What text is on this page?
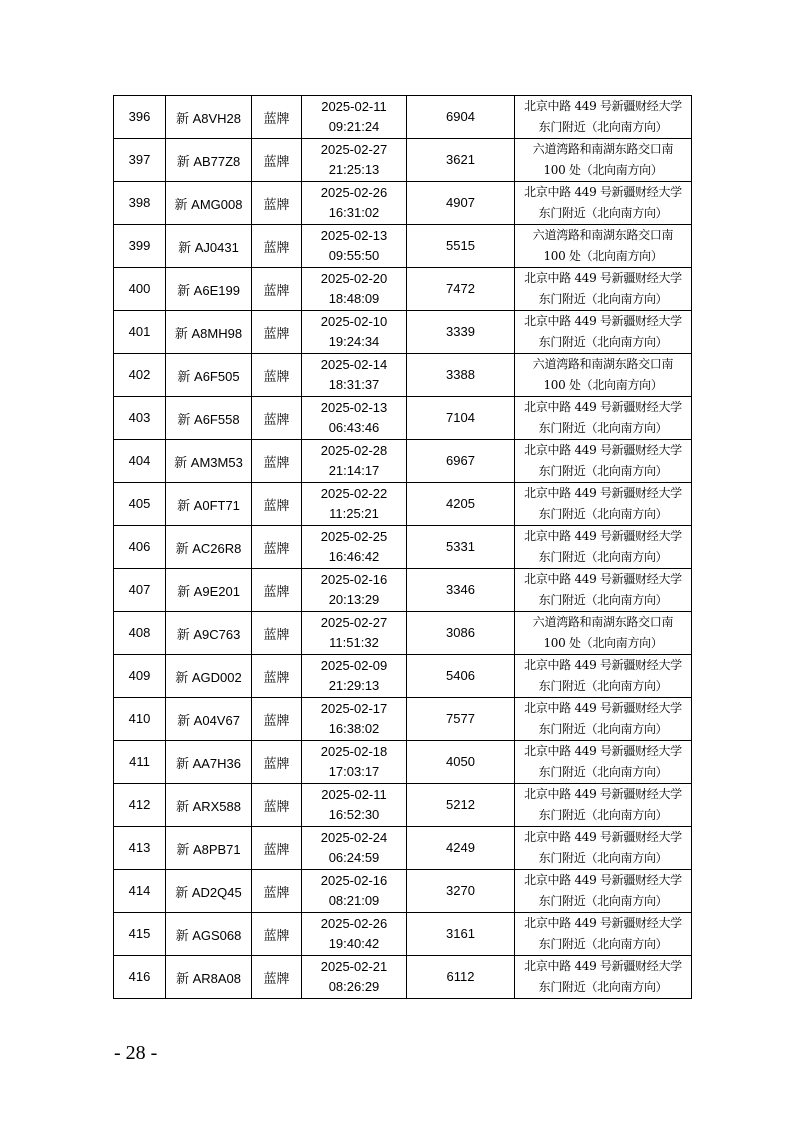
396	新 A8VH28	蓝牌	2025-02-11
09:21:24	6904	北京中路 449 号新疆财经大学
东门附近（北向南方向）

397	新 AB77Z8	蓝牌	2025-02-27
21:25:13	3621	六道湾路和南湖东路交口南
100 处（北向南方向）

398	新 AMG008	蓝牌	2025-02-26
16:31:02	4907	北京中路 449 号新疆财经大学
东门附近（北向南方向）

399	新 AJ0431	蓝牌	2025-02-13
09:55:50	5515	六道湾路和南湖东路交口南
100 处（北向南方向）

400	新 A6E199	蓝牌	2025-02-20
18:48:09	7472	北京中路 449 号新疆财经大学
东门附近（北向南方向）

401	新 A8MH98	蓝牌	2025-02-10
19:24:34	3339	北京中路 449 号新疆财经大学
东门附近（北向南方向）

402	新 A6F505	蓝牌	2025-02-14
18:31:37	3388	六道湾路和南湖东路交口南
100 处（北向南方向）

403	新 A6F558	蓝牌	2025-02-13
06:43:46	7104	北京中路 449 号新疆财经大学
东门附近（北向南方向）

404	新 AM3M53	蓝牌	2025-02-28
21:14:17	6967	北京中路 449 号新疆财经大学
东门附近（北向南方向）

405	新 A0FT71	蓝牌	2025-02-22
11:25:21	4205	北京中路 449 号新疆财经大学
东门附近（北向南方向）

406	新 AC26R8	蓝牌	2025-02-25
16:46:42	5331	北京中路 449 号新疆财经大学
东门附近（北向南方向）

407	新 A9E201	蓝牌	2025-02-16
20:13:29	3346	北京中路 449 号新疆财经大学
东门附近（北向南方向）

408	新 A9C763	蓝牌	2025-02-27
11:51:32	3086	六道湾路和南湖东路交口南
100 处（北向南方向）

409	新 AGD002	蓝牌	2025-02-09
21:29:13	5406	北京中路 449 号新疆财经大学
东门附近（北向南方向）

410	新 A04V67	蓝牌	2025-02-17
16:38:02	7577	北京中路 449 号新疆财经大学
东门附近（北向南方向）

411	新 AA7H36	蓝牌	2025-02-18
17:03:17	4050	北京中路 449 号新疆财经大学
东门附近（北向南方向）

412	新 ARX588	蓝牌	2025-02-11
16:52:30	5212	北京中路 449 号新疆财经大学
东门附近（北向南方向）

413	新 A8PB71	蓝牌	2025-02-24
06:24:59	4249	北京中路 449 号新疆财经大学
东门附近（北向南方向）

414	新 AD2Q45	蓝牌	2025-02-16
08:21:09	3270	北京中路 449 号新疆财经大学
东门附近（北向南方向）

415	新 AGS068	蓝牌	2025-02-26
19:40:42	3161	北京中路 449 号新疆财经大学
东门附近（北向南方向）

416	新 AR8A08	蓝牌	2025-02-21
08:26:29	6112	北京中路 449 号新疆财经大学
东门附近（北向南方向）
- 28 -
